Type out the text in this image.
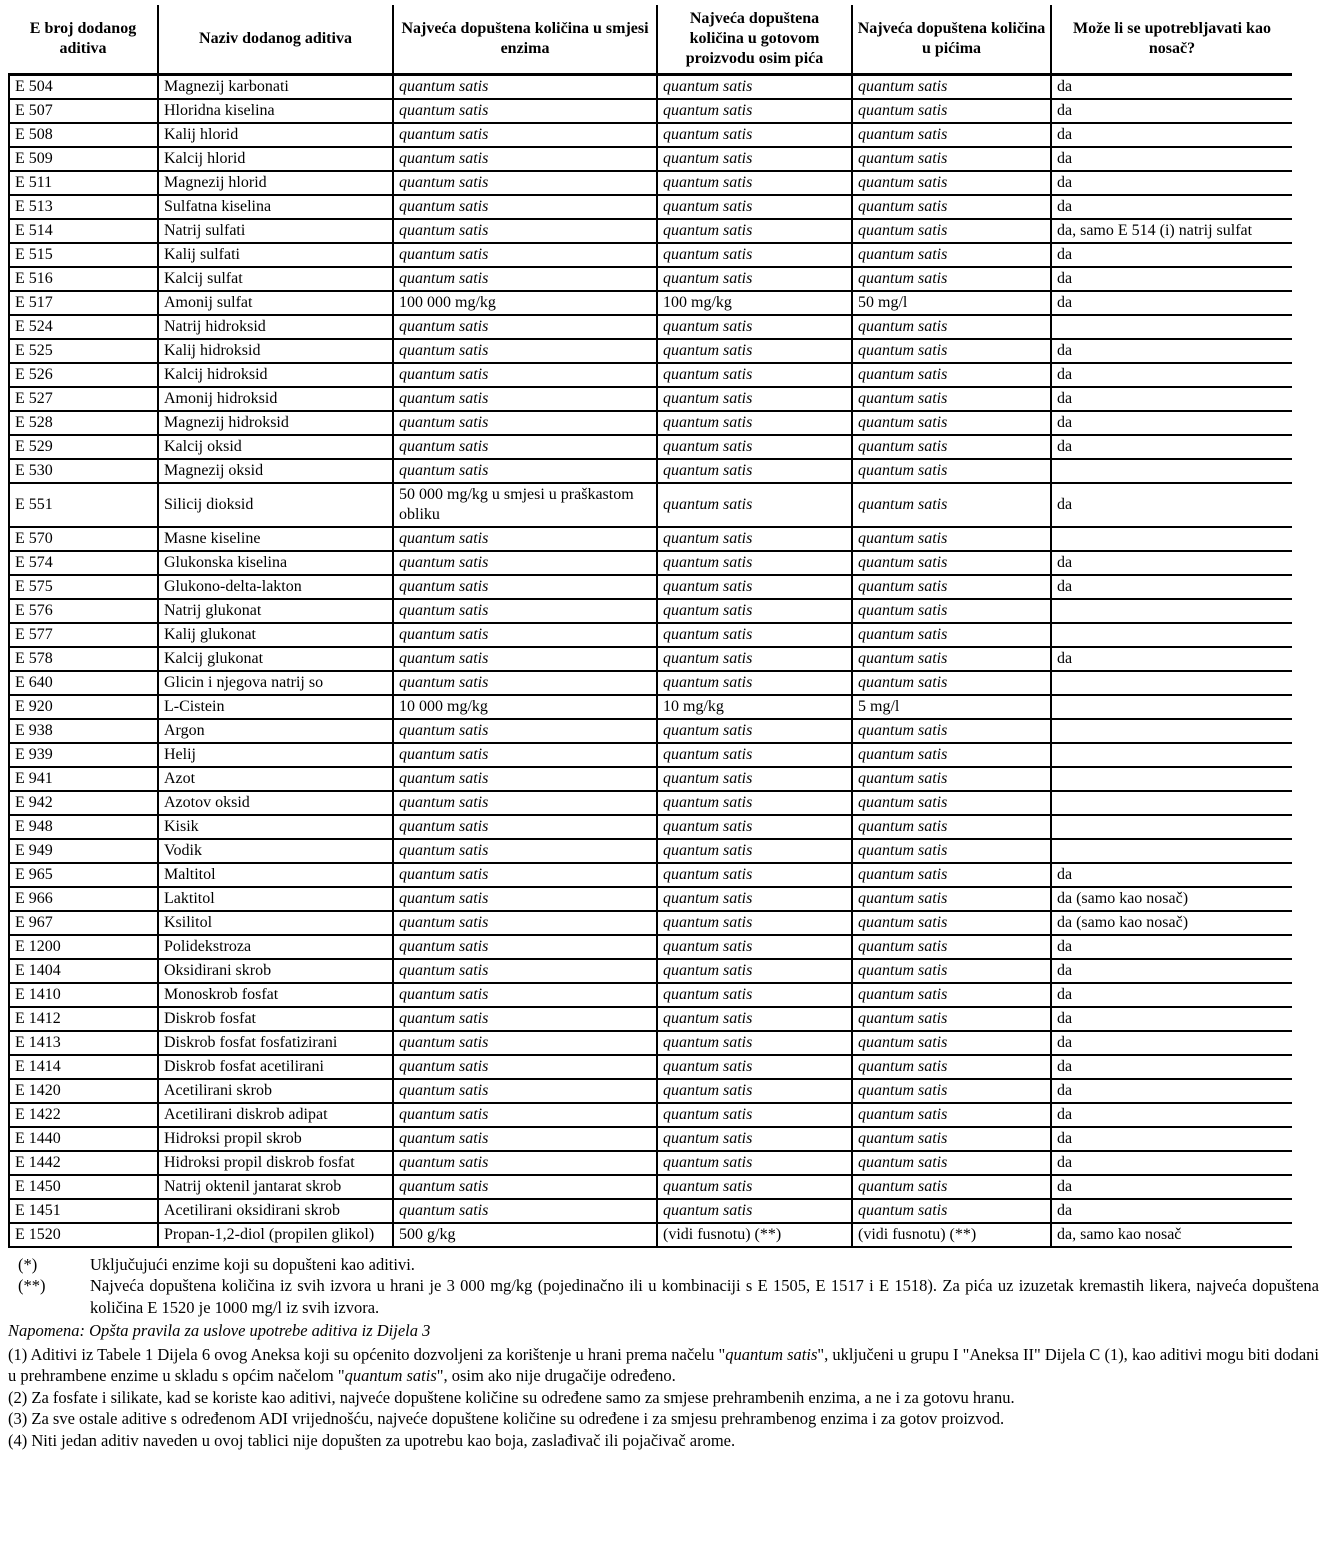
E broj dodanog aditiva	Naziv dodanog aditiva	Najveća dopuštena količina u smjesi enzima	Najveća dopuštena količina u gotovom proizvodu osim pića	Najveća dopuštena količina u pićima	Može li se upotrebljavati kao nosač?
E 504	Magnezij karbonati	quantum satis	quantum satis	quantum satis	da
E 507	Hloridna kiselina	quantum satis	quantum satis	quantum satis	da
E 508	Kalij hlorid	quantum satis	quantum satis	quantum satis	da
E 509	Kalcij hlorid	quantum satis	quantum satis	quantum satis	da
E 511	Magnezij hlorid	quantum satis	quantum satis	quantum satis	da
E 513	Sulfatna kiselina	quantum satis	quantum satis	quantum satis	da
E 514	Natrij sulfati	quantum satis	quantum satis	quantum satis	da, samo E 514 (i) natrij sulfat
E 515	Kalij sulfati	quantum satis	quantum satis	quantum satis	da
E 516	Kalcij sulfat	quantum satis	quantum satis	quantum satis	da
E 517	Amonij sulfat	100 000 mg/kg	100 mg/kg	50 mg/l	da
E 524	Natrij hidroksid	quantum satis	quantum satis	quantum satis	
E 525	Kalij hidroksid	quantum satis	quantum satis	quantum satis	da
E 526	Kalcij hidroksid	quantum satis	quantum satis	quantum satis	da
E 527	Amonij hidroksid	quantum satis	quantum satis	quantum satis	da
E 528	Magnezij hidroksid	quantum satis	quantum satis	quantum satis	da
E 529	Kalcij oksid	quantum satis	quantum satis	quantum satis	da
E 530	Magnezij oksid	quantum satis	quantum satis	quantum satis	
E 551	Silicij dioksid	50 000 mg/kg u smjesi u praškastom obliku	quantum satis	quantum satis	da
E 570	Masne kiseline	quantum satis	quantum satis	quantum satis	
E 574	Glukonska kiselina	quantum satis	quantum satis	quantum satis	da
E 575	Glukono-delta-lakton	quantum satis	quantum satis	quantum satis	da
E 576	Natrij glukonat	quantum satis	quantum satis	quantum satis	
E 577	Kalij glukonat	quantum satis	quantum satis	quantum satis	
E 578	Kalcij glukonat	quantum satis	quantum satis	quantum satis	da
E 640	Glicin i njegova natrij so	quantum satis	quantum satis	quantum satis	
E 920	L-Cistein	10 000 mg/kg	10 mg/kg	5 mg/l	
E 938	Argon	quantum satis	quantum satis	quantum satis	
E 939	Helij	quantum satis	quantum satis	quantum satis	
E 941	Azot	quantum satis	quantum satis	quantum satis	
E 942	Azotov oksid	quantum satis	quantum satis	quantum satis	
E 948	Kisik	quantum satis	quantum satis	quantum satis	
E 949	Vodik	quantum satis	quantum satis	quantum satis	
E 965	Maltitol	quantum satis	quantum satis	quantum satis	da
E 966	Laktitol	quantum satis	quantum satis	quantum satis	da (samo kao nosač)
E 967	Ksilitol	quantum satis	quantum satis	quantum satis	da (samo kao nosač)
E 1200	Polidekstroza	quantum satis	quantum satis	quantum satis	da
E 1404	Oksidirani skrob	quantum satis	quantum satis	quantum satis	da
E 1410	Monoskrob fosfat	quantum satis	quantum satis	quantum satis	da
E 1412	Diskrob fosfat	quantum satis	quantum satis	quantum satis	da
E 1413	Diskrob fosfat fosfatizirani	quantum satis	quantum satis	quantum satis	da
E 1414	Diskrob fosfat acetilirani	quantum satis	quantum satis	quantum satis	da
E 1420	Acetilirani skrob	quantum satis	quantum satis	quantum satis	da
E 1422	Acetilirani diskrob adipat	quantum satis	quantum satis	quantum satis	da
E 1440	Hidroksi propil skrob	quantum satis	quantum satis	quantum satis	da
E 1442	Hidroksi propil diskrob fosfat	quantum satis	quantum satis	quantum satis	da
E 1450	Natrij oktenil jantarat skrob	quantum satis	quantum satis	quantum satis	da
E 1451	Acetilirani oksidirani skrob	quantum satis	quantum satis	quantum satis	da
E 1520	Propan-1,2-diol (propilen glikol)	500 g/kg	(vidi fusnotu) (**)	(vidi fusnotu) (**)	da, samo kao nosač
(*)	Uključujući enzime koji su dopušteni kao aditivi.
(**)	Najveća dopuštena količina iz svih izvora u hrani je 3 000 mg/kg (pojedinačno ili u kombinaciji s E 1505, E 1517 i E 1518). Za pića uz izuzetak kremastih likera, najveća dopuštena količina E 1520 je 1000 mg/l iz svih izvora.
Napomena: Opšta pravila za uslove upotrebe aditiva iz Dijela 3
(1) Aditivi iz Tabele 1 Dijela 6 ovog Aneksa koji su općenito dozvoljeni za korištenje u hrani prema načelu "quantum satis", uključeni u grupu I "Aneksa II" Dijela C (1), kao aditivi mogu biti dodani u prehrambene enzime u skladu s općim načelom "quantum satis", osim ako nije drugačije određeno.
(2) Za fosfate i silikate, kad se koriste kao aditivi, najveće dopuštene količine su određene samo za smjese prehrambenih enzima, a ne i za gotovu hranu.
(3) Za sve ostale aditive s određenom ADI vrijednošću, najveće dopuštene količine su određene i za smjesu prehrambenog enzima i za gotov proizvod.
(4) Niti jedan aditiv naveden u ovoj tablici nije dopušten za upotrebu kao boja, zaslađivač ili pojačivač arome.
